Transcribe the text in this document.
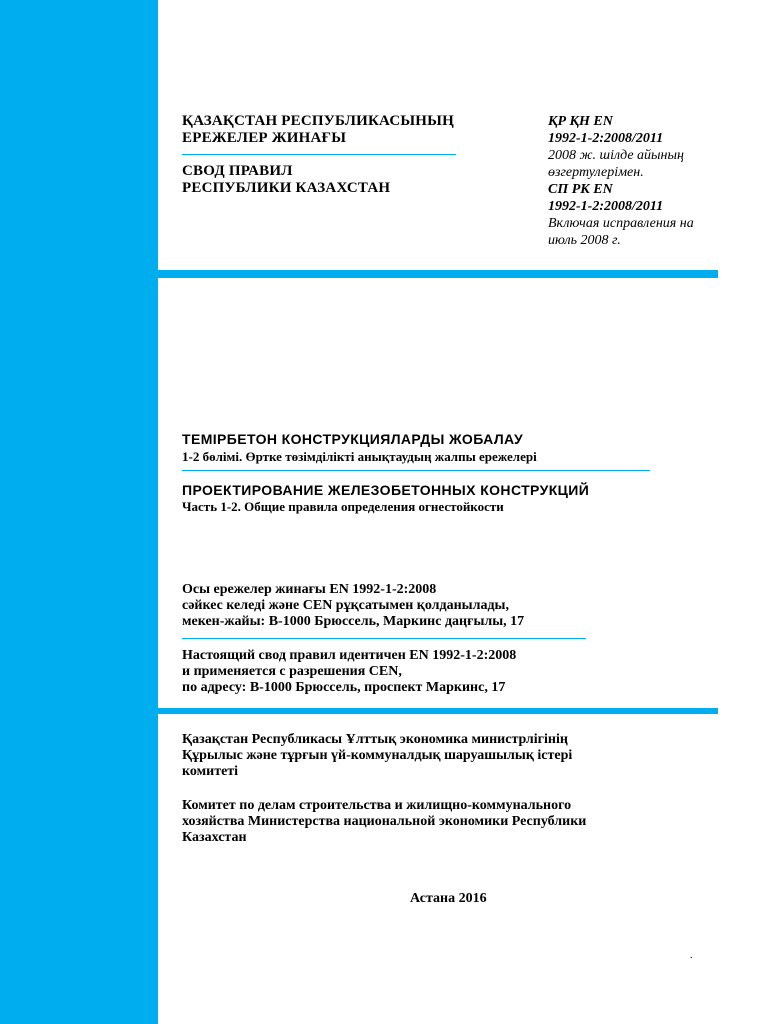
ҚАЗАҚСТАН РЕСПУБЛИКАСЫНЫҢ
ЕРЕЖЕЛЕР ЖИНАҒЫ
СВОД ПРАВИЛ
РЕСПУБЛИКИ КАЗАХСТАН
ҚР ҚН EN
1992-1-2:2008/2011
2008 ж. шілде айының
өзгертулерімен.
СП РК EN
1992-1-2:2008/2011
Включая исправления на
июль 2008 г.
ТЕМІРБЕТОН КОНСТРУКЦИЯЛАРДЫ ЖОБАЛАУ
1-2 бөлімі. Өртке төзімділікті анықтаудың жалпы ережелері
ПРОЕКТИРОВАНИЕ ЖЕЛЕЗОБЕТОННЫХ КОНСТРУКЦИЙ
Часть 1-2. Общие правила определения огнестойкости
Осы ережелер жинағы EN 1992-1-2:2008
сәйкес келеді және CEN рұқсатымен қолданылады,
мекен-жайы: B-1000 Брюссель, Маркинс даңғылы, 17
Настоящий свод правил идентичен EN 1992-1-2:2008
и применяется с разрешения CEN,
по адресу: B-1000 Брюссель, проспект Маркинс, 17
Қазақстан Республикасы Ұлттық экономика министрлігінің
Құрылыс және тұрғын үй-коммуналдық шаруашылық істері
комитеті
Комитет по делам строительства и жилищно-коммунального
хозяйства Министерства национальной экономики Республики
Казахстан
Астана 2016
.
